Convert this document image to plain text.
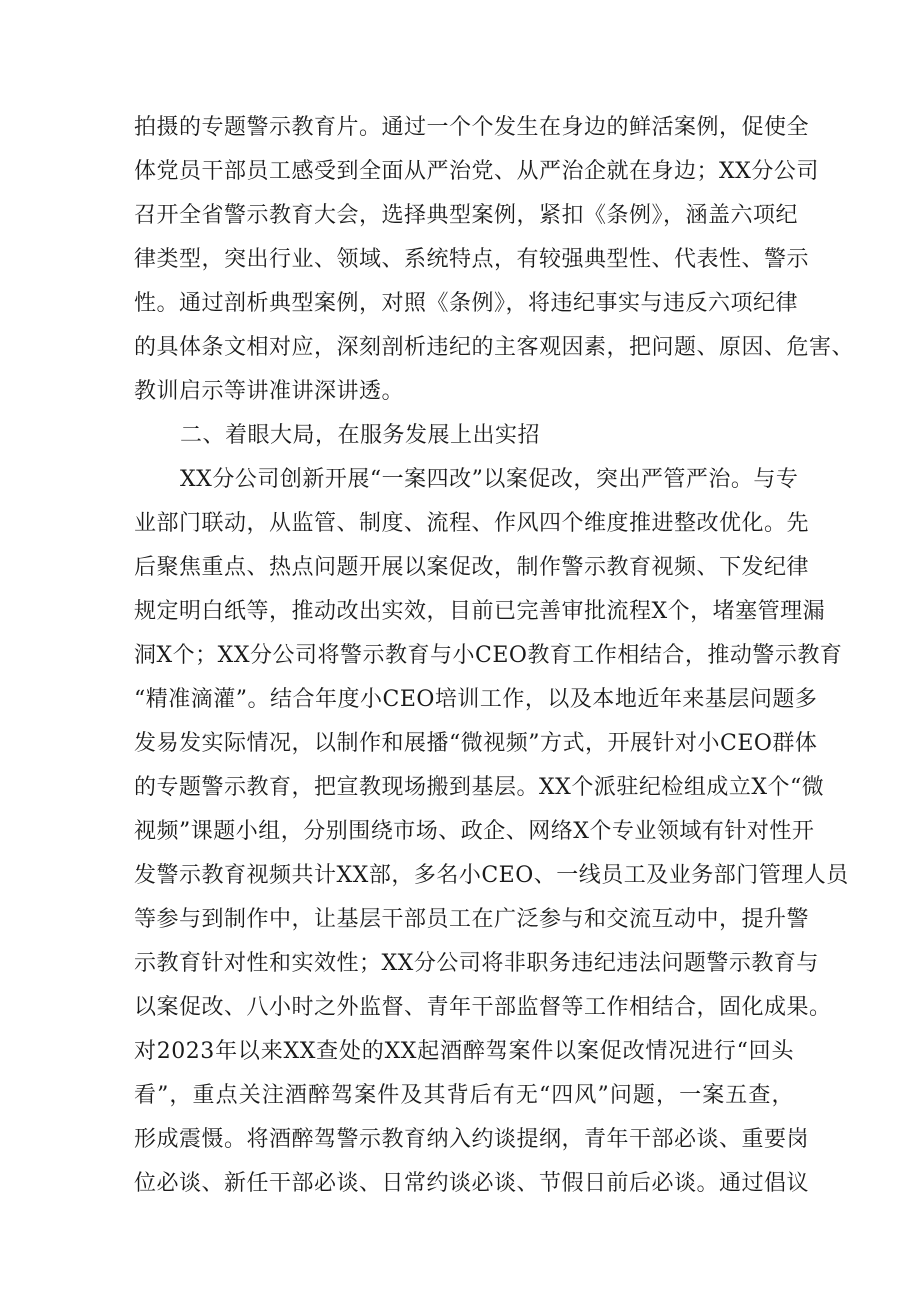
拍摄的专题警示教育片。通过一个个发生在身边的鲜活案例，促使全
体党员干部员工感受到全面从严治党、从严治企就在身边；XX分公司
召开全省警示教育大会，选择典型案例，紧扣《条例》，涵盖六项纪
律类型，突出行业、领域、系统特点，有较强典型性、代表性、警示
性。通过剖析典型案例，对照《条例》，将违纪事实与违反六项纪律
的具体条文相对应，深刻剖析违纪的主客观因素，把问题、原因、危害、
教训启示等讲准讲深讲透。
二、着眼大局，在服务发展上出实招
XX分公司创新开展“一案四改”以案促改，突出严管严治。与专
业部门联动，从监管、制度、流程、作风四个维度推进整改优化。先
后聚焦重点、热点问题开展以案促改，制作警示教育视频、下发纪律
规定明白纸等，推动改出实效，目前已完善审批流程X个，堵塞管理漏
洞X个；XX分公司将警示教育与小CEO教育工作相结合，推动警示教育
“精准滴灌”。结合年度小CEO培训工作，以及本地近年来基层问题多
发易发实际情况，以制作和展播“微视频”方式，开展针对小CEO群体
的专题警示教育，把宣教现场搬到基层。XX个派驻纪检组成立X个“微
视频”课题小组，分别围绕市场、政企、网络X个专业领域有针对性开
发警示教育视频共计XX部，多名小CEO、一线员工及业务部门管理人员
等参与到制作中，让基层干部员工在广泛参与和交流互动中，提升警
示教育针对性和实效性；XX分公司将非职务违纪违法问题警示教育与
以案促改、八小时之外监督、青年干部监督等工作相结合，固化成果。
对2023年以来XX查处的XX起酒醉驾案件以案促改情况进行“回头
看”，重点关注酒醉驾案件及其背后有无“四风”问题，一案五查，
形成震慑。将酒醉驾警示教育纳入约谈提纲，青年干部必谈、重要岗
位必谈、新任干部必谈、日常约谈必谈、节假日前后必谈。通过倡议
